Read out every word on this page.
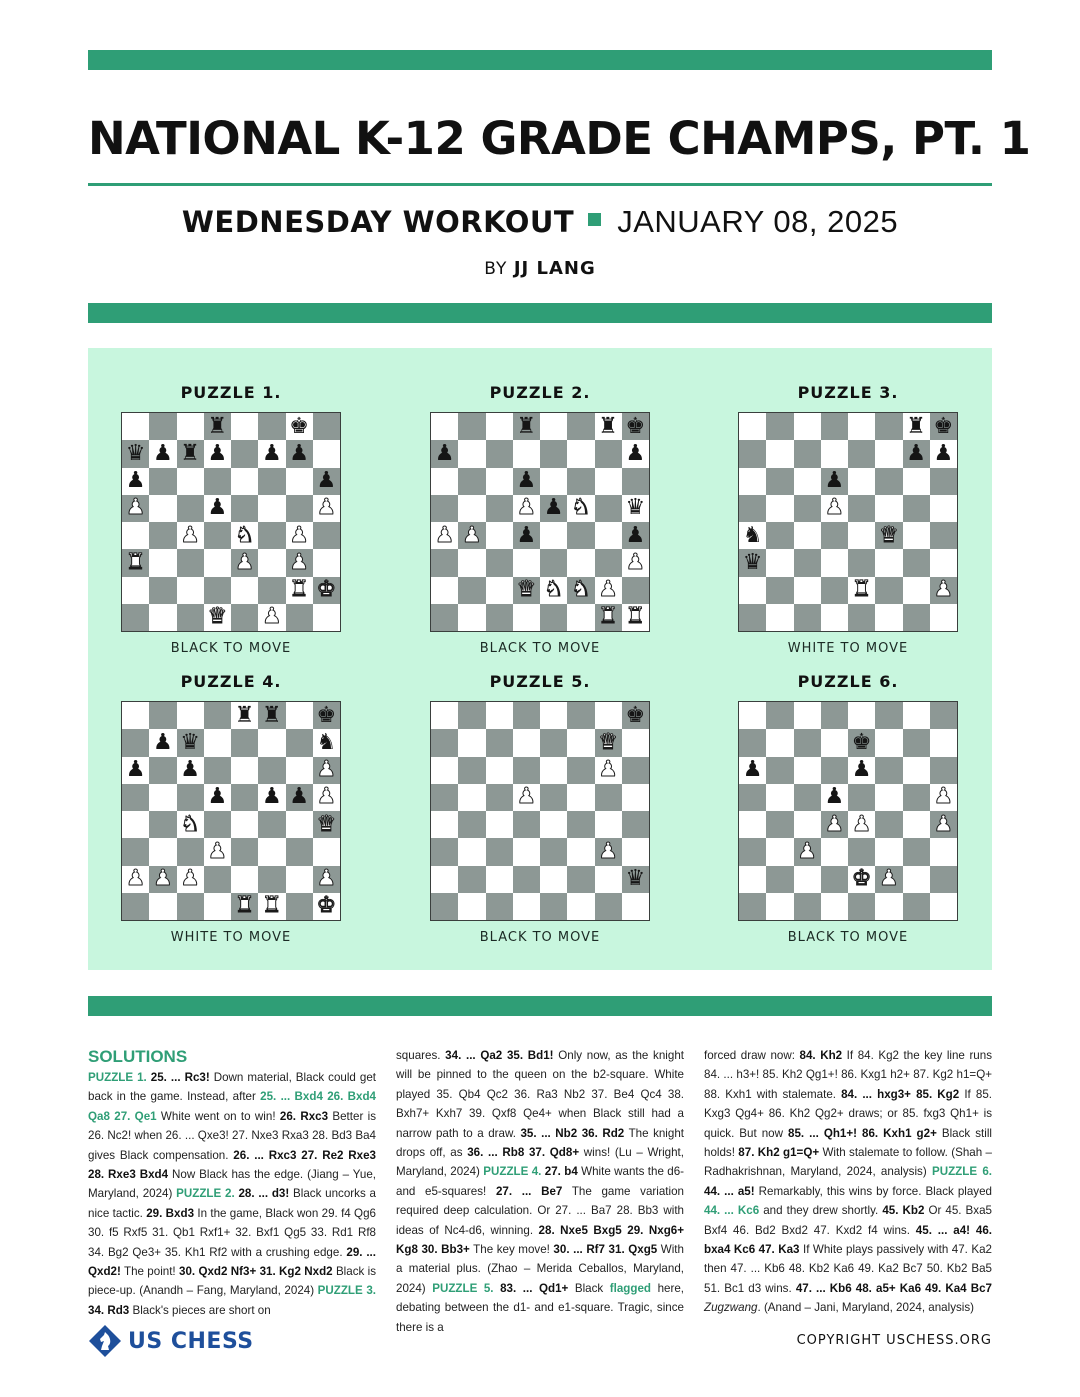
NATIONAL K-12 GRADE CHAMPS, PT. 1
WEDNESDAY WORKOUT JANUARY 08, 2025
BY JJ LANG
PUZZLE 1.
♜	♚
♛ ♟ ♜ ♟ ♟ ♟
♟	♟
♟	♟	♟
♟ ♞ ♟
♜	♟ ♟
♜ ♚
♛ ♟
BLACK TO MOVE
PUZZLE 2.
♜	♜ ♚
♟	♟
♟
♟ ♟ ♞ ♛
♟ ♟ ♟	♟
♟
♛ ♞ ♞ ♟
♜ ♜
BLACK TO MOVE
PUZZLE 3.
♜ ♚
♟ ♟
♟
♟
♞	♛
♛
♜	♟
WHITE TO MOVE
PUZZLE 4.
♜ ♜ ♚
♟ ♛	♞
♟ ♟	♟
♟ ♟ ♟ ♟
♞	♛
♟
♟ ♟ ♟	♟
♜ ♜ ♚
WHITE TO MOVE
PUZZLE 5.
♚
♛
♟
♟
♟
♛
BLACK TO MOVE
PUZZLE 6.
♚
♟	♟
♟	♟
♟ ♟	♟
♟
♚ ♟
BLACK TO MOVE
SOLUTIONS
PUZZLE 1. 25. ... Rc3! Down material, Black could get back in the game. Instead, after 25. ... Bxd4 26. Bxd4 Qa8 27. Qe1 White went on to win! 26. Rxc3 Better is 26. Nc2! when 26. ... Qxe3! 27. Nxe3 Rxa3 28. Bd3 Ba4 gives Black compensation. 26. ... Rxc3 27. Re2 Rxe3 28. Rxe3 Bxd4 Now Black has the edge. (Jiang – Yue, Maryland, 2024) PUZZLE 2. 28. ... d3! Black uncorks a nice tactic. 29. Bxd3 In the game, Black won 29. f4 Qg6 30. f5 Rxf5 31. Qb1 Rxf1+ 32. Bxf1 Qg5 33. Rd1 Rf8 34. Bg2 Qe3+ 35. Kh1 Rf2 with a crushing edge. 29. ... Qxd2! The point! 30. Qxd2 Nf3+ 31. Kg2 Nxd2 Black is piece-up. (Anandh – Fang, Maryland, 2024) PUZZLE 3. 34. Rd3 Black's pieces are short on
squares. 34. ... Qa2 35. Bd1! Only now, as the knight will be pinned to the queen on the b2-square. White played 35. Qb4 Qc2 36. Ra3 Nb2 37. Be4 Qc4 38. Bxh7+ Kxh7 39. Qxf8 Qe4+ when Black still had a narrow path to a draw. 35. ... Nb2 36. Rd2 The knight drops off, as 36. ... Rb8 37. Qd8+ wins! (Lu – Wright, Maryland, 2024) PUZZLE 4. 27. b4 White wants the d6- and e5-squares! 27. ... Be7 The game variation required deep calculation. Or 27. ... Ba7 28. Bb3 with ideas of Nc4-d6, winning. 28. Nxe5 Bxg5 29. Nxg6+ Kg8 30. Bb3+ The key move! 30. ... Rf7 31. Qxg5 With a material plus. (Zhao – Merida Ceballos, Maryland, 2024) PUZZLE 5. 83. ... Qd1+ Black flagged here, debating between the d1- and e1-square. Tragic, since there is a
forced draw now: 84. Kh2 If 84. Kg2 the key line runs 84. ... h3+! 85. Kh2 Qg1+! 86. Kxg1 h2+ 87. Kg2 h1=Q+ 88. Kxh1 with stalemate. 84. ... hxg3+ 85. Kg2 If 85. Kxg3 Qg4+ 86. Kh2 Qg2+ draws; or 85. fxg3 Qh1+ is quick. But now 85. ... Qh1+! 86. Kxh1 g2+ Black still holds! 87. Kh2 g1=Q+ With stalemate to follow. (Shah – Radhakrishnan, Maryland, 2024, analysis) PUZZLE 6. 44. ... a5! Remarkably, this wins by force. Black played 44. ... Kc6 and they drew shortly. 45. Kb2 Or 45. Bxa5 Bxf4 46. Bd2 Bxd2 47. Kxd2 f4 wins. 45. ... a4! 46. bxa4 Kc6 47. Ka3 If White plays passively with 47. Ka2 then 47. ... Kb6 48. Kb2 Ka6 49. Ka2 Bc7 50. Kb2 Ba5 51. Bc1 d3 wins. 47. ... Kb6 48. a5+ Ka6 49. Ka4 Bc7 Zugzwang. (Anand – Jani, Maryland, 2024, analysis)
US CHESS	COPYRIGHT USCHESS.ORG
